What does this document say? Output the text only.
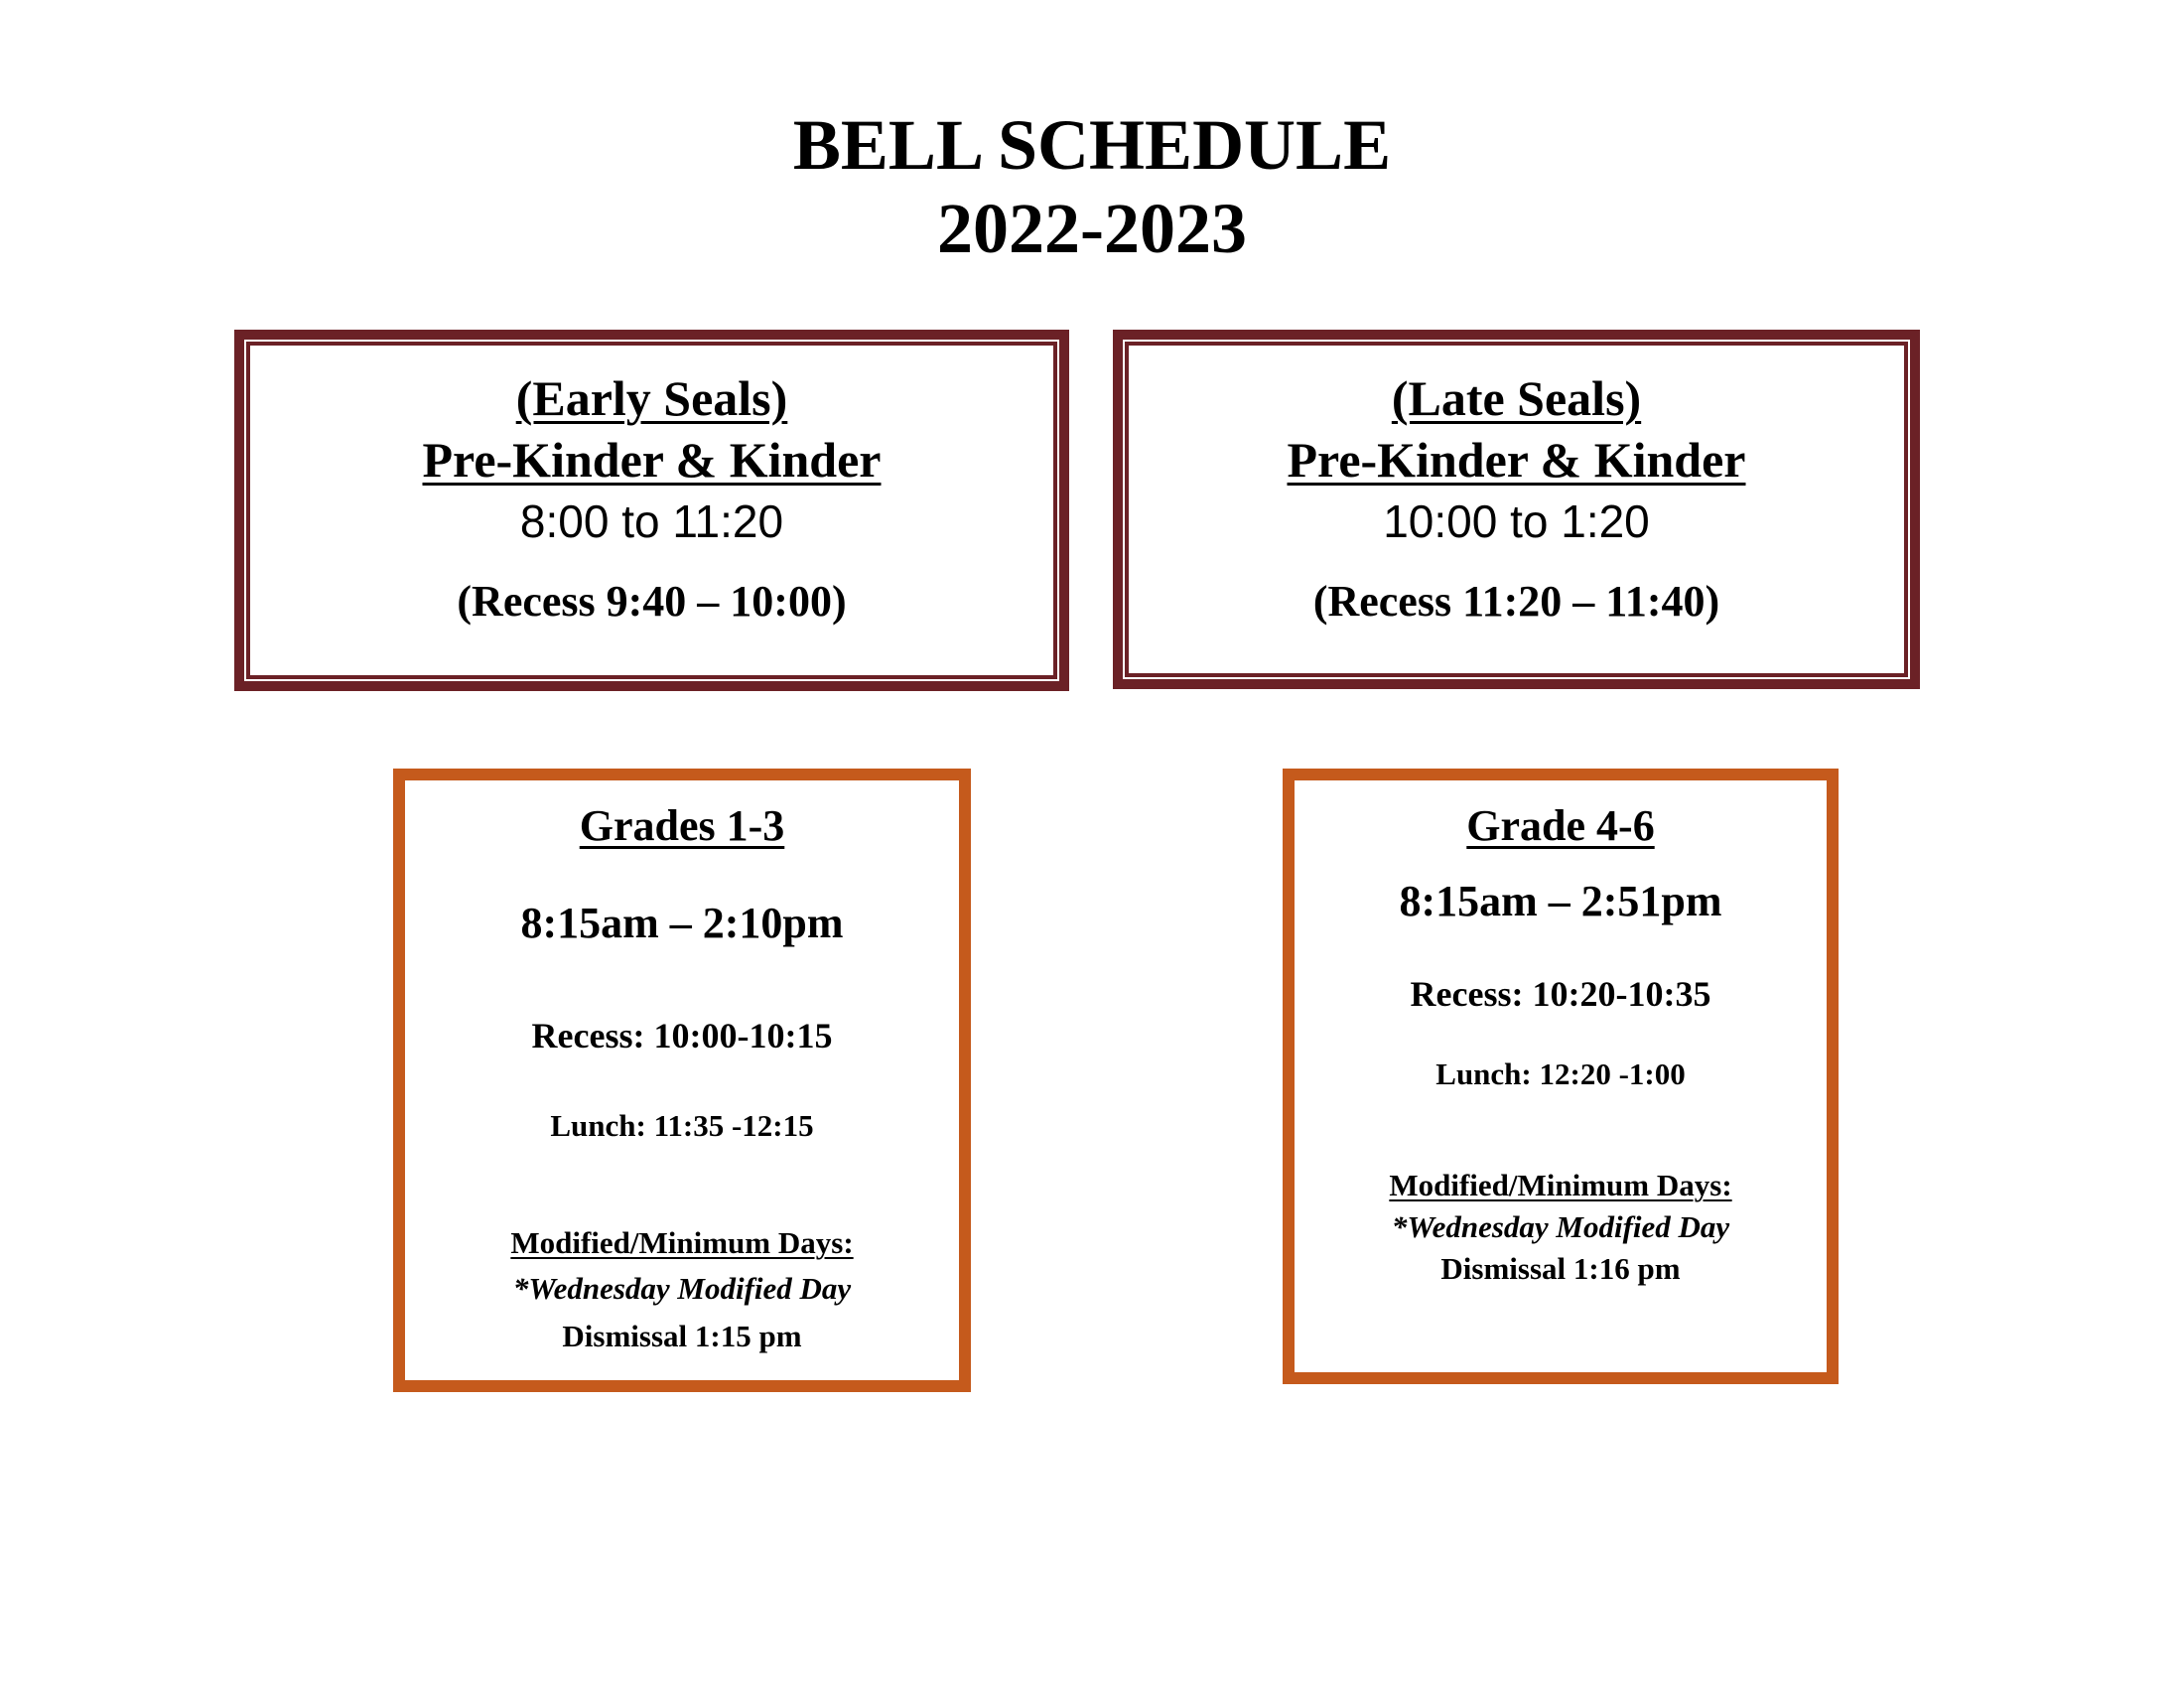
BELL SCHEDULE
2022-2023
(Early Seals)
Pre-Kinder & Kinder
8:00 to 11:20
(Recess 9:40 – 10:00)
(Late Seals)
Pre-Kinder & Kinder
10:00 to 1:20
(Recess 11:20 – 11:40)
Grades 1-3
8:15am – 2:10pm
Recess: 10:00-10:15
Lunch: 11:35 -12:15
Modified/Minimum Days:
*Wednesday Modified Day
Dismissal 1:15 pm
Grade 4-6
8:15am – 2:51pm
Recess: 10:20-10:35
Lunch: 12:20 -1:00
Modified/Minimum Days:
*Wednesday Modified Day
Dismissal 1:16 pm
